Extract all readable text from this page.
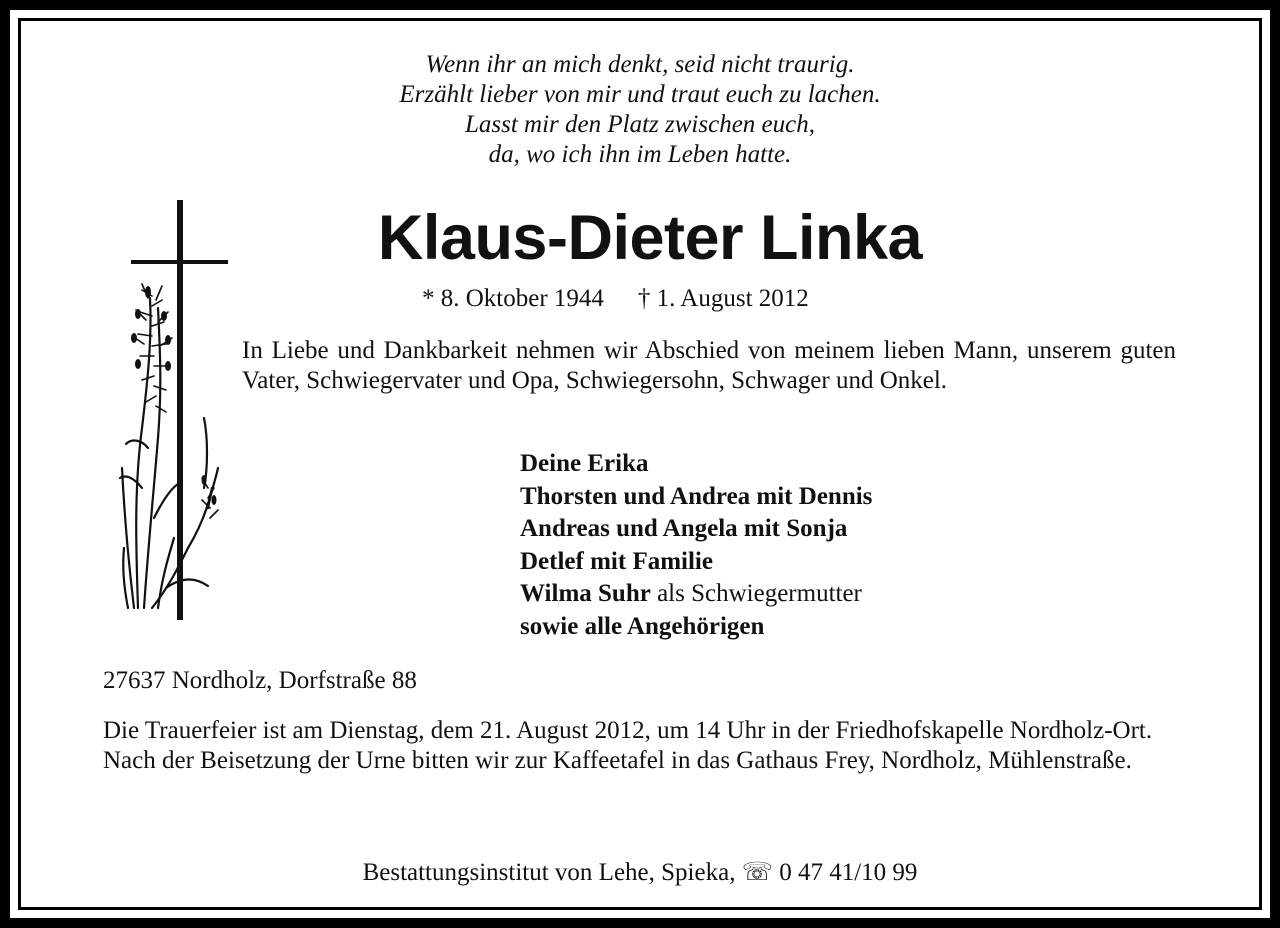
Wenn ihr an mich denkt, seid nicht traurig.
Erzählt lieber von mir und traut euch zu lachen.
Lasst mir den Platz zwischen euch,
da, wo ich ihn im Leben hatte.
Klaus-Dieter Linka
* 8. Oktober 1944 † 1. August 2012
In Liebe und Dankbarkeit nehmen wir Abschied von meinem lieben Mann, unserem guten Vater, Schwiegervater und Opa, Schwiegersohn, Schwager und Onkel.
Deine Erika
Thorsten und Andrea mit Dennis
Andreas und Angela mit Sonja
Detlef mit Familie
Wilma Suhr als Schwiegermutter
sowie alle Angehörigen
27637 Nordholz, Dorfstraße 88

Die Trauerfeier ist am Dienstag, dem 21. August 2012, um 14 Uhr in der Friedhofskapelle Nordholz-Ort.

Nach der Beisetzung der Urne bitten wir zur Kaffeetafel in das Gathaus Frey, Nordholz, Mühlenstraße.

Bestattungsinstitut von Lehe, Spieka, ☏ 0 47 41/10 99
